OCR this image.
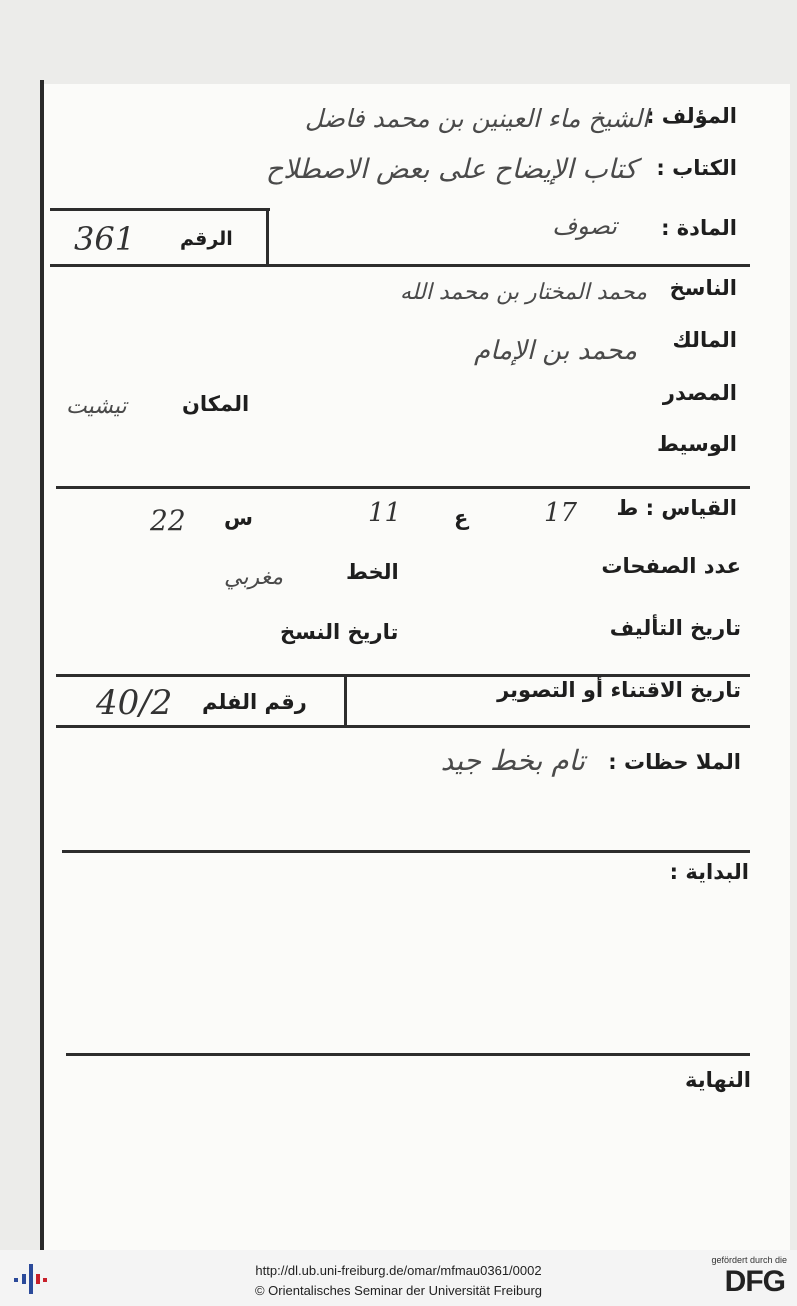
المؤلف :
الشيخ ماء العينين بن محمد فاضل
الكتاب :
كتاب الإيضاح على بعض الاصطلاح
الرقم
361	المادة :
تصوف
الناسخ
محمد المختار بن محمد الله
المالك
محمد بن الإمام
المصدر
المكان
تيشيت
الوسيط
القياس : ط
17
ع
11
س
22
عدد الصفحات
الخط
مغربي
تاريخ التأليف
تاريخ النسخ
تاريخ الاقتناء أو التصوير
رقم الفلم
40/2
الملا حظات :
تام بخط جيد
البداية :
النهاية
http://dl.ub.uni-freiburg.de/omar/mfmau0361/0002
© Orientalisches Seminar der Universität Freiburg
gefördert durch die
DFG
